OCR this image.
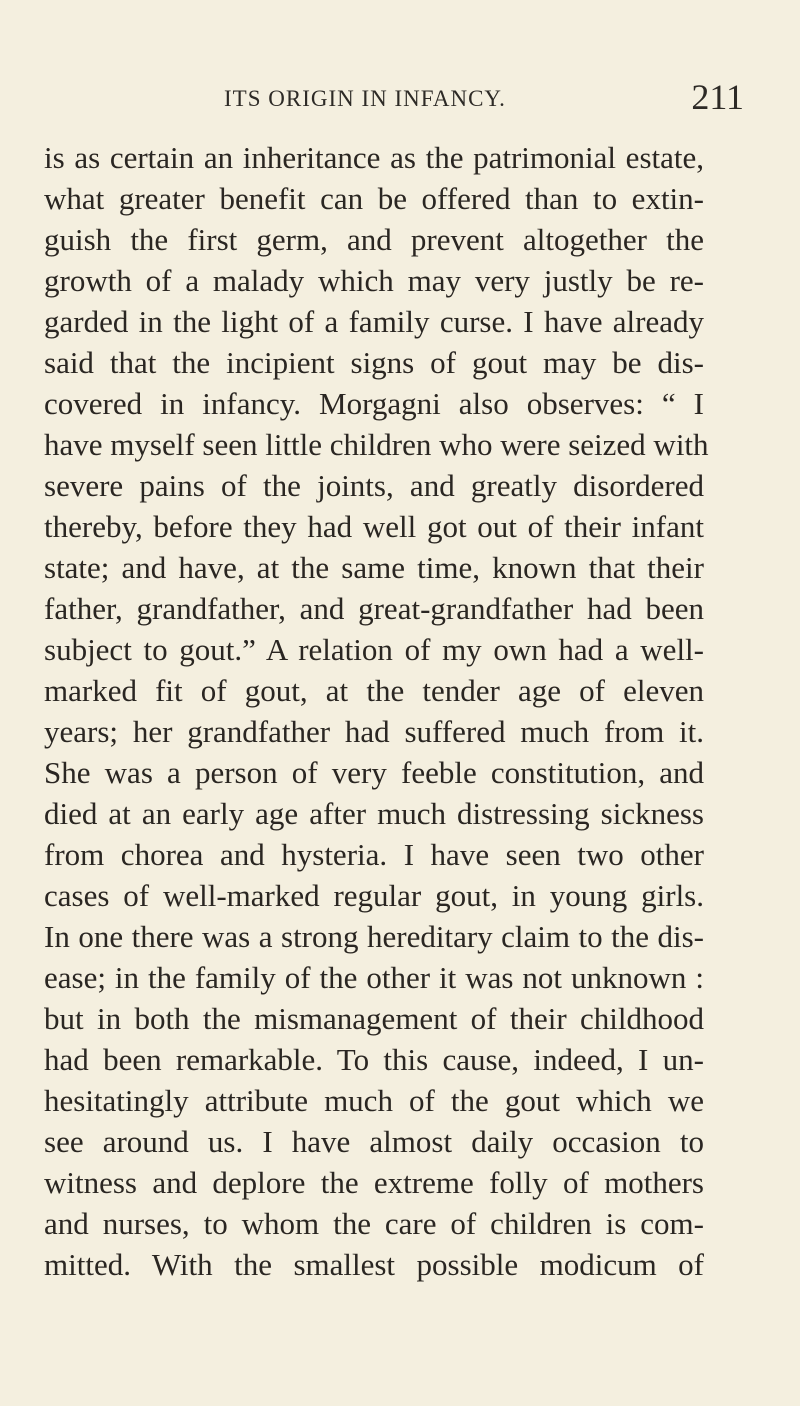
ITS ORIGIN IN INFANCY.	211
is as certain an inheritance as the patrimonial estate,
what greater benefit can be offered than to extin-
guish the first germ, and prevent altogether the
growth of a malady which may very justly be re-
garded in the light of a family curse. I have already
said that the incipient signs of gout may be dis-
covered in infancy. Morgagni also observes: “ I
have myself seen little children who were seized with
severe pains of the joints, and greatly disordered
thereby, before they had well got out of their infant
state; and have, at the same time, known that their
father, grandfather, and great-grandfather had been
subject to gout.” A relation of my own had a well-
marked fit of gout, at the tender age of eleven
years; her grandfather had suffered much from it.
She was a person of very feeble constitution, and
died at an early age after much distressing sickness
from chorea and hysteria. I have seen two other
cases of well-marked regular gout, in young girls.
In one there was a strong hereditary claim to the dis-
ease; in the family of the other it was not unknown :
but in both the mismanagement of their childhood
had been remarkable. To this cause, indeed, I un-
hesitatingly attribute much of the gout which we
see around us. I have almost daily occasion to
witness and deplore the extreme folly of mothers
and nurses, to whom the care of children is com-
mitted. With the smallest possible modicum of
